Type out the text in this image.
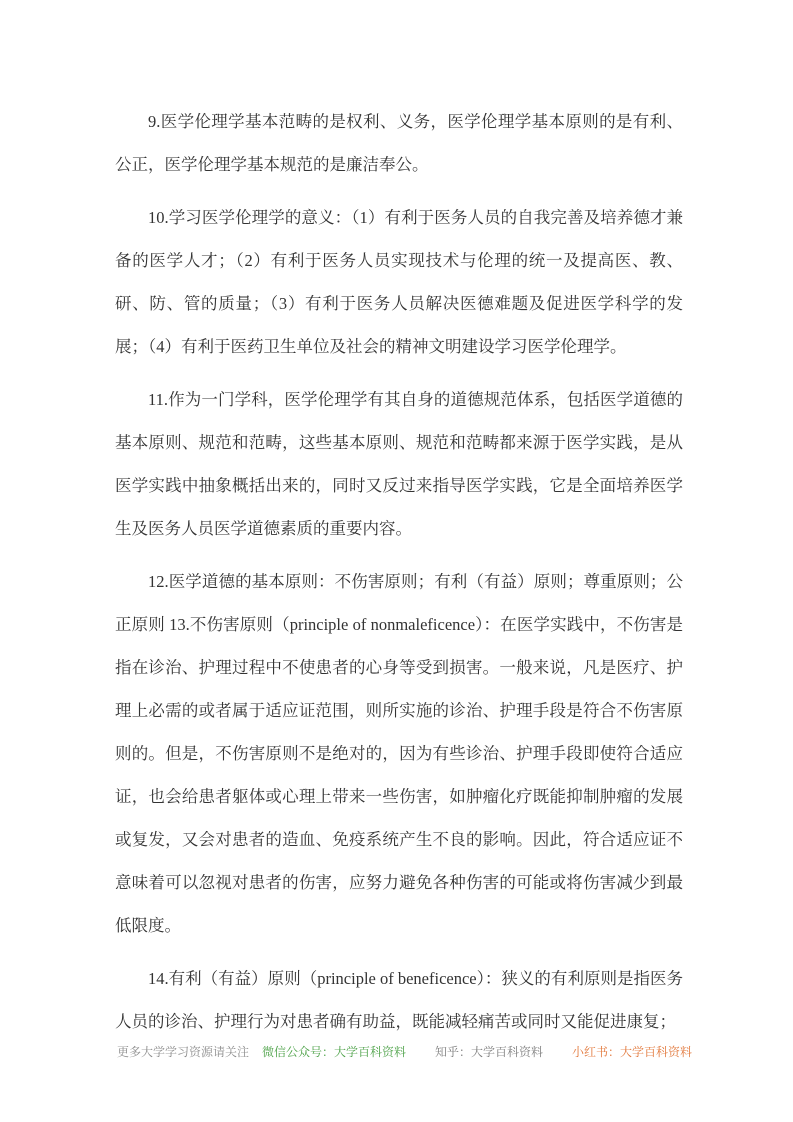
9.医学伦理学基本范畴的是权利、义务，医学伦理学基本原则的是有利、公正，医学伦理学基本规范的是廉洁奉公。

10.学习医学伦理学的意义：（1）有利于医务人员的自我完善及培养德才兼备的医学人才；（2）有利于医务人员实现技术与伦理的统一及提高医、教、研、防、管的质量；（3）有利于医务人员解决医德难题及促进医学科学的发展；（4）有利于医药卫生单位及社会的精神文明建设学习医学伦理学。

11.作为一门学科，医学伦理学有其自身的道德规范体系，包括医学道德的基本原则、规范和范畴，这些基本原则、规范和范畴都来源于医学实践，是从医学实践中抽象概括出来的，同时又反过来指导医学实践，它是全面培养医学生及医务人员医学道德素质的重要内容。

12.医学道德的基本原则：不伤害原则；有利（有益）原则；尊重原则；公正原则 13.不伤害原则（principle of nonmaleficence）：在医学实践中，不伤害是指在诊治、护理过程中不使患者的心身等受到损害。一般来说，凡是医疗、护理上必需的或者属于适应证范围，则所实施的诊治、护理手段是符合不伤害原则的。但是，不伤害原则不是绝对的，因为有些诊治、护理手段即使符合适应证，也会给患者躯体或心理上带来一些伤害，如肿瘤化疗既能抑制肿瘤的发展或复发，又会对患者的造血、免疫系统产生不良的影响。因此，符合适应证不意味着可以忽视对患者的伤害，应努力避免各种伤害的可能或将伤害减少到最低限度。

14.有利（有益）原则（principle of beneficence）：狭义的有利原则是指医务人员的诊治、护理行为对患者确有助益，既能减轻痛苦或同时又能促进康复；

更多大学学习资源请关注 微信公众号：大学百科资料 知乎：大学百科资料 小红书：大学百科资料
